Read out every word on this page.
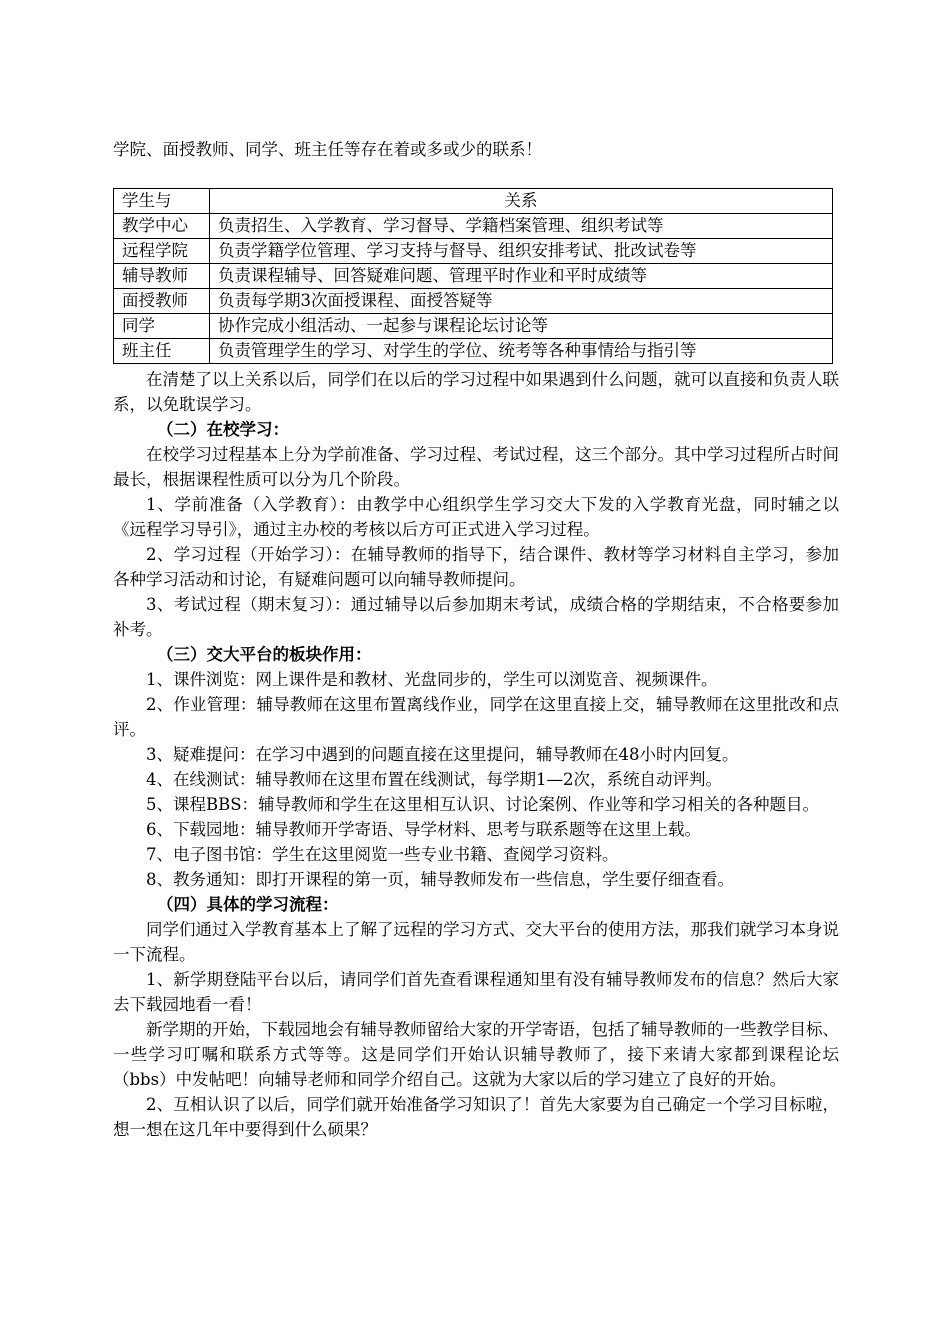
学院、面授教师、同学、班主任等存在着或多或少的联系！
学生与	关系
教学中心	负责招生、入学教育、学习督导、学籍档案管理、组织考试等
远程学院	负责学籍学位管理、学习支持与督导、组织安排考试、批改试卷等
辅导教师	负责课程辅导、回答疑难问题、管理平时作业和平时成绩等
面授教师	负责每学期3次面授课程、面授答疑等
同学	协作完成小组活动、一起参与课程论坛讨论等
班主任	负责管理学生的学习、对学生的学位、统考等各种事情给与指引等

在清楚了以上关系以后，同学们在以后的学习过程中如果遇到什么问题，就可以直接和负责人联系，以免耽误学习。

（二）在校学习：

在校学习过程基本上分为学前准备、学习过程、考试过程，这三个部分。其中学习过程所占时间最长，根据课程性质可以分为几个阶段。

1、学前准备（入学教育）：由教学中心组织学生学习交大下发的入学教育光盘，同时辅之以《远程学习导引》，通过主办校的考核以后方可正式进入学习过程。

2、学习过程（开始学习）：在辅导教师的指导下，结合课件、教材等学习材料自主学习，参加各种学习活动和讨论，有疑难问题可以向辅导教师提问。

3、考试过程（期末复习）：通过辅导以后参加期末考试，成绩合格的学期结束，不合格要参加补考。

（三）交大平台的板块作用：

1、课件浏览：网上课件是和教材、光盘同步的，学生可以浏览音、视频课件。

2、作业管理：辅导教师在这里布置离线作业，同学在这里直接上交，辅导教师在这里批改和点评。

3、疑难提问：在学习中遇到的问题直接在这里提问，辅导教师在48小时内回复。

4、在线测试：辅导教师在这里布置在线测试，每学期1—2次，系统自动评判。

5、课程BBS：辅导教师和学生在这里相互认识、讨论案例、作业等和学习相关的各种题目。

6、下载园地：辅导教师开学寄语、导学材料、思考与联系题等在这里上载。

7、电子图书馆：学生在这里阅览一些专业书籍、查阅学习资料。

8、教务通知：即打开课程的第一页，辅导教师发布一些信息，学生要仔细查看。

（四）具体的学习流程：

同学们通过入学教育基本上了解了远程的学习方式、交大平台的使用方法，那我们就学习本身说一下流程。

1、新学期登陆平台以后，请同学们首先查看课程通知里有没有辅导教师发布的信息？然后大家去下载园地看一看！

新学期的开始，下载园地会有辅导教师留给大家的开学寄语，包括了辅导教师的一些教学目标、一些学习叮嘱和联系方式等等。这是同学们开始认识辅导教师了，接下来请大家都到课程论坛（bbs）中发帖吧！向辅导老师和同学介绍自己。这就为大家以后的学习建立了良好的开始。

2、互相认识了以后，同学们就开始准备学习知识了！首先大家要为自己确定一个学习目标啦，想一想在这几年中要得到什么硕果？
